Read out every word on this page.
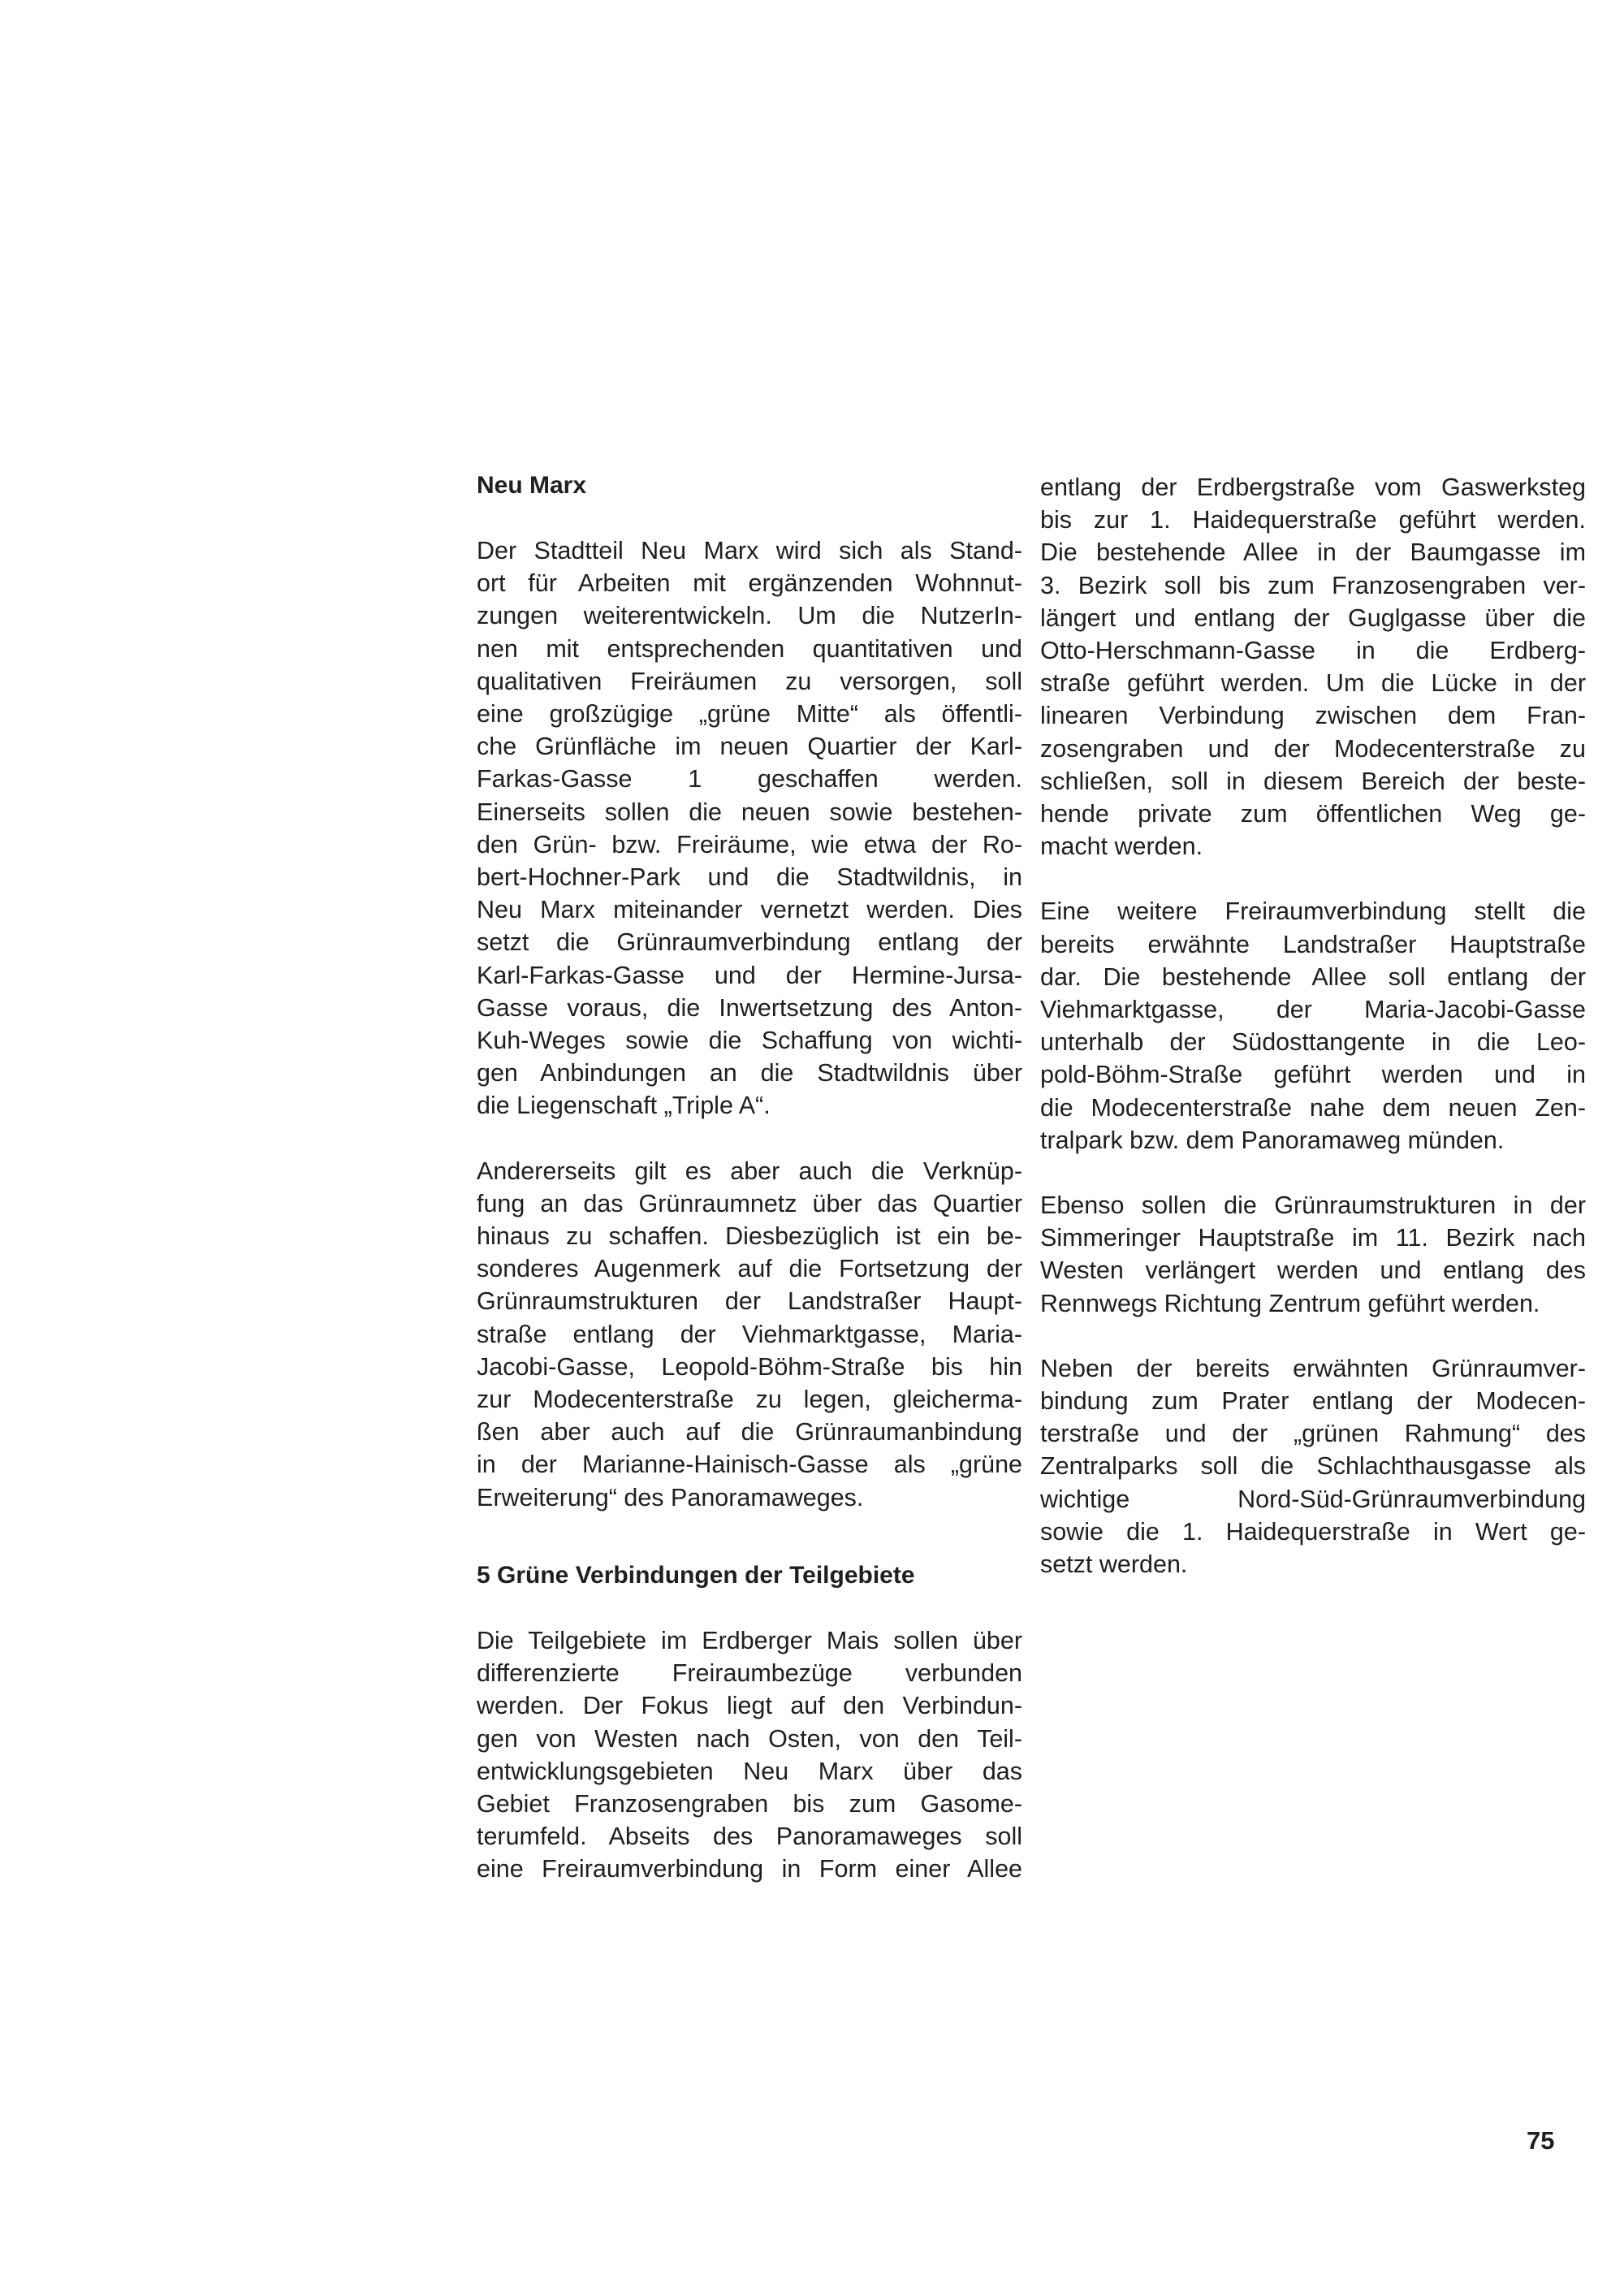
Neu Marx
Der Stadtteil Neu Marx wird sich als Stand-
ort für Arbeiten mit ergänzenden Wohnnut-
zungen weiterentwickeln. Um die NutzerIn-
nen mit entsprechenden quantitativen und
qualitativen Freiräumen zu versorgen, soll
eine großzügige „grüne Mitte“ als öffentli-
che Grünfläche im neuen Quartier der Karl-
Farkas-Gasse 1 geschaffen werden.
Einerseits sollen die neuen sowie bestehen-
den Grün- bzw. Freiräume, wie etwa der Ro-
bert-Hochner-Park und die Stadtwildnis, in
Neu Marx miteinander vernetzt werden. Dies
setzt die Grünraumverbindung entlang der
Karl-Farkas-Gasse und der Hermine-Jursa-
Gasse voraus, die Inwertsetzung des Anton-
Kuh-Weges sowie die Schaffung von wichti-
gen Anbindungen an die Stadtwildnis über
die Liegenschaft „Triple A“.
Andererseits gilt es aber auch die Verknüp-
fung an das Grünraumnetz über das Quartier
hinaus zu schaffen. Diesbezüglich ist ein be-
sonderes Augenmerk auf die Fortsetzung der
Grünraumstrukturen der Landstraßer Haupt-
straße entlang der Viehmarktgasse, Maria-
Jacobi-Gasse, Leopold-Böhm-Straße bis hin
zur Modecenterstraße zu legen, gleicherma-
ßen aber auch auf die Grünraumanbindung
in der Marianne-Hainisch-Gasse als „grüne
Erweiterung“ des Panoramaweges.
5 Grüne Verbindungen der Teilgebiete
Die Teilgebiete im Erdberger Mais sollen über
differenzierte Freiraumbezüge verbunden
werden. Der Fokus liegt auf den Verbindun-
gen von Westen nach Osten, von den Teil-
entwicklungsgebieten Neu Marx über das
Gebiet Franzosengraben bis zum Gasome-
terumfeld. Abseits des Panoramaweges soll
eine Freiraumverbindung in Form einer Allee
entlang der Erdbergstraße vom Gaswerksteg
bis zur 1. Haidequerstraße geführt werden.
Die bestehende Allee in der Baumgasse im
3. Bezirk soll bis zum Franzosengraben ver-
längert und entlang der Guglgasse über die
Otto-Herschmann-Gasse in die Erdberg-
straße geführt werden. Um die Lücke in der
linearen Verbindung zwischen dem Fran-
zosengraben und der Modecenterstraße zu
schließen, soll in diesem Bereich der beste-
hende private zum öffentlichen Weg ge-
macht werden.
Eine weitere Freiraumverbindung stellt die
bereits erwähnte Landstraßer Hauptstraße
dar. Die bestehende Allee soll entlang der
Viehmarktgasse, der Maria-Jacobi-Gasse
unterhalb der Südosttangente in die Leo-
pold-Böhm-Straße geführt werden und in
die Modecenterstraße nahe dem neuen Zen-
tralpark bzw. dem Panoramaweg münden.
Ebenso sollen die Grünraumstrukturen in der
Simmeringer Hauptstraße im 11. Bezirk nach
Westen verlängert werden und entlang des
Rennwegs Richtung Zentrum geführt werden.
Neben der bereits erwähnten Grünraumver-
bindung zum Prater entlang der Modecen-
terstraße und der „grünen Rahmung“ des
Zentralparks soll die Schlachthausgasse als
wichtige Nord-Süd-Grünraumverbindung
sowie die 1. Haidequerstraße in Wert ge-
setzt werden.
75
